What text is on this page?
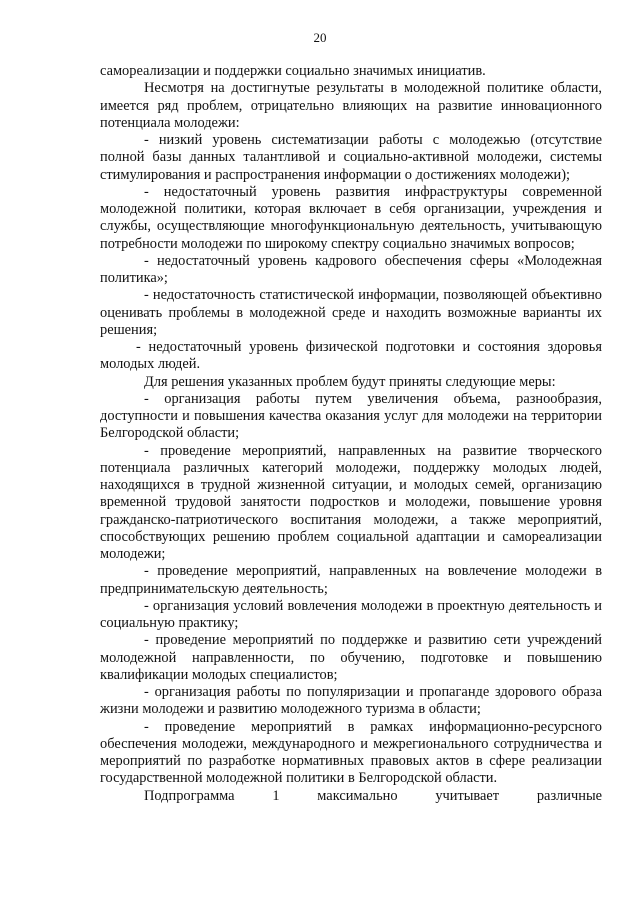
20

самореализации и поддержки социально значимых инициатив.

Несмотря на достигнутые результаты в молодежной политике области, имеется ряд проблем, отрицательно влияющих на развитие инновационного потенциала молодежи:

- низкий уровень систематизации работы с молодежью (отсутствие полной базы данных талантливой и социально-активной молодежи, системы стимулирования и распространения информации о достижениях молодежи);

- недостаточный уровень развития инфраструктуры современной молодежной политики, которая включает в себя организации, учреждения и службы, осуществляющие многофункциональную деятельность, учитывающую потребности молодежи по широкому спектру социально значимых вопросов;

- недостаточный уровень кадрового обеспечения сферы «Молодежная политика»;

- недостаточность статистической информации, позволяющей объективно оценивать проблемы в молодежной среде и находить возможные варианты их решения;

- недостаточный уровень физической подготовки и состояния здоровья молодых людей.

Для решения указанных проблем будут приняты следующие меры:

- организация работы путем увеличения объема, разнообразия, доступности и повышения качества оказания услуг для молодежи на территории Белгородской области;

- проведение мероприятий, направленных на развитие творческого потенциала различных категорий молодежи, поддержку молодых людей, находящихся в трудной жизненной ситуации, и молодых семей, организацию временной трудовой занятости подростков и молодежи, повышение уровня гражданско-патриотического воспитания молодежи, а также мероприятий, способствующих решению проблем социальной адаптации и самореализации молодежи;

- проведение мероприятий, направленных на вовлечение молодежи в предпринимательскую деятельность;

- организация условий вовлечения молодежи в проектную деятельность и социальную практику;

- проведение мероприятий по поддержке и развитию сети учреждений молодежной направленности, по обучению, подготовке и повышению квалификации молодых специалистов;

- организация работы по популяризации и пропаганде здорового образа жизни молодежи и развитию молодежного туризма в области;

- проведение мероприятий в рамках информационно-ресурсного обеспечения молодежи, международного и межрегионального сотрудничества и мероприятий по разработке нормативных правовых актов в сфере реализации государственной молодежной политики в Белгородской области.

Подпрограмма 1 максимально учитывает различные
